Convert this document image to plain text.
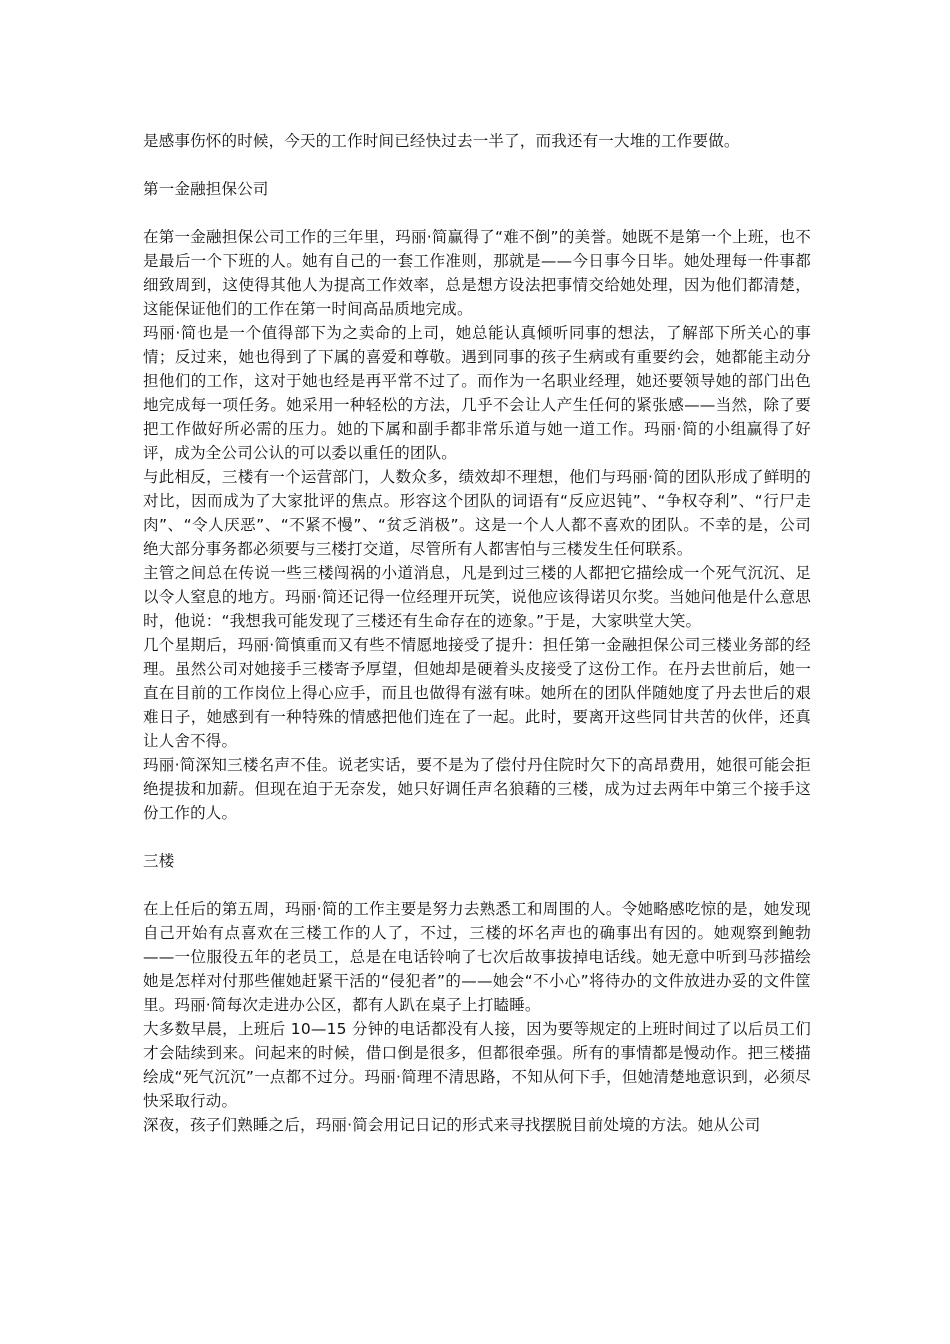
是感事伤怀的时候，今天的工作时间已经快过去一半了，而我还有一大堆的工作要做。

第一金融担保公司

在第一金融担保公司工作的三年里，玛丽·简赢得了“难不倒”的美誉。她既不是第一个上班，也不是最后一个下班的人。她有自己的一套工作准则，那就是——今日事今日毕。她处理每一件事都细致周到，这使得其他人为提高工作效率，总是想方设法把事情交给她处理，因为他们都清楚，这能保证他们的工作在第一时间高品质地完成。

玛丽·简也是一个值得部下为之卖命的上司，她总能认真倾听同事的想法，了解部下所关心的事情；反过来，她也得到了下属的喜爱和尊敬。遇到同事的孩子生病或有重要约会，她都能主动分担他们的工作，这对于她也经是再平常不过了。而作为一名职业经理，她还要领导她的部门出色地完成每一项任务。她采用一种轻松的方法，几乎不会让人产生任何的紧张感——当然，除了要把工作做好所必需的压力。她的下属和副手都非常乐道与她一道工作。玛丽·简的小组赢得了好评，成为全公司公认的可以委以重任的团队。

与此相反，三楼有一个运营部门，人数众多，绩效却不理想，他们与玛丽·简的团队形成了鲜明的对比，因而成为了大家批评的焦点。形容这个团队的词语有“反应迟钝”、“争权夺利”、“行尸走肉”、“令人厌恶”、“不紧不慢”、“贫乏消极”。这是一个人人都不喜欢的团队。不幸的是，公司绝大部分事务都必须要与三楼打交道，尽管所有人都害怕与三楼发生任何联系。

主管之间总在传说一些三楼闯祸的小道消息，凡是到过三楼的人都把它描绘成一个死气沉沉、足以令人窒息的地方。玛丽·简还记得一位经理开玩笑，说他应该得诺贝尔奖。当她问他是什么意思时，他说：“我想我可能发现了三楼还有生命存在的迹象。”于是，大家哄堂大笑。

几个星期后，玛丽·简慎重而又有些不情愿地接受了提升：担任第一金融担保公司三楼业务部的经理。虽然公司对她接手三楼寄予厚望，但她却是硬着头皮接受了这份工作。在丹去世前后，她一直在目前的工作岗位上得心应手，而且也做得有滋有味。她所在的团队伴随她度了丹去世后的艰难日子，她感到有一种特殊的情感把他们连在了一起。此时，要离开这些同甘共苦的伙伴，还真让人舍不得。

玛丽·简深知三楼名声不佳。说老实话，要不是为了偿付丹住院时欠下的高昂费用，她很可能会拒绝提拔和加薪。但现在迫于无奈发，她只好调任声名狼藉的三楼，成为过去两年中第三个接手这份工作的人。

三楼

在上任后的第五周，玛丽·简的工作主要是努力去熟悉工和周围的人。令她略感吃惊的是，她发现自己开始有点喜欢在三楼工作的人了，不过，三楼的坏名声也的确事出有因的。她观察到鲍勃——一位服役五年的老员工，总是在电话铃响了七次后故事拔掉电话线。她无意中听到马莎描绘她是怎样对付那些催她赶紧干活的“侵犯者”的——她会“不小心”将待办的文件放进办妥的文件筐里。玛丽·简每次走进办公区，都有人趴在桌子上打瞌睡。

大多数早晨，上班后 10—15 分钟的电话都没有人接，因为要等规定的上班时间过了以后员工们才会陆续到来。问起来的时候，借口倒是很多，但都很牵强。所有的事情都是慢动作。把三楼描绘成“死气沉沉”一点都不过分。玛丽·简理不清思路，不知从何下手，但她清楚地意识到，必须尽快采取行动。

深夜，孩子们熟睡之后，玛丽·简会用记日记的形式来寻找摆脱目前处境的方法。她从公司
